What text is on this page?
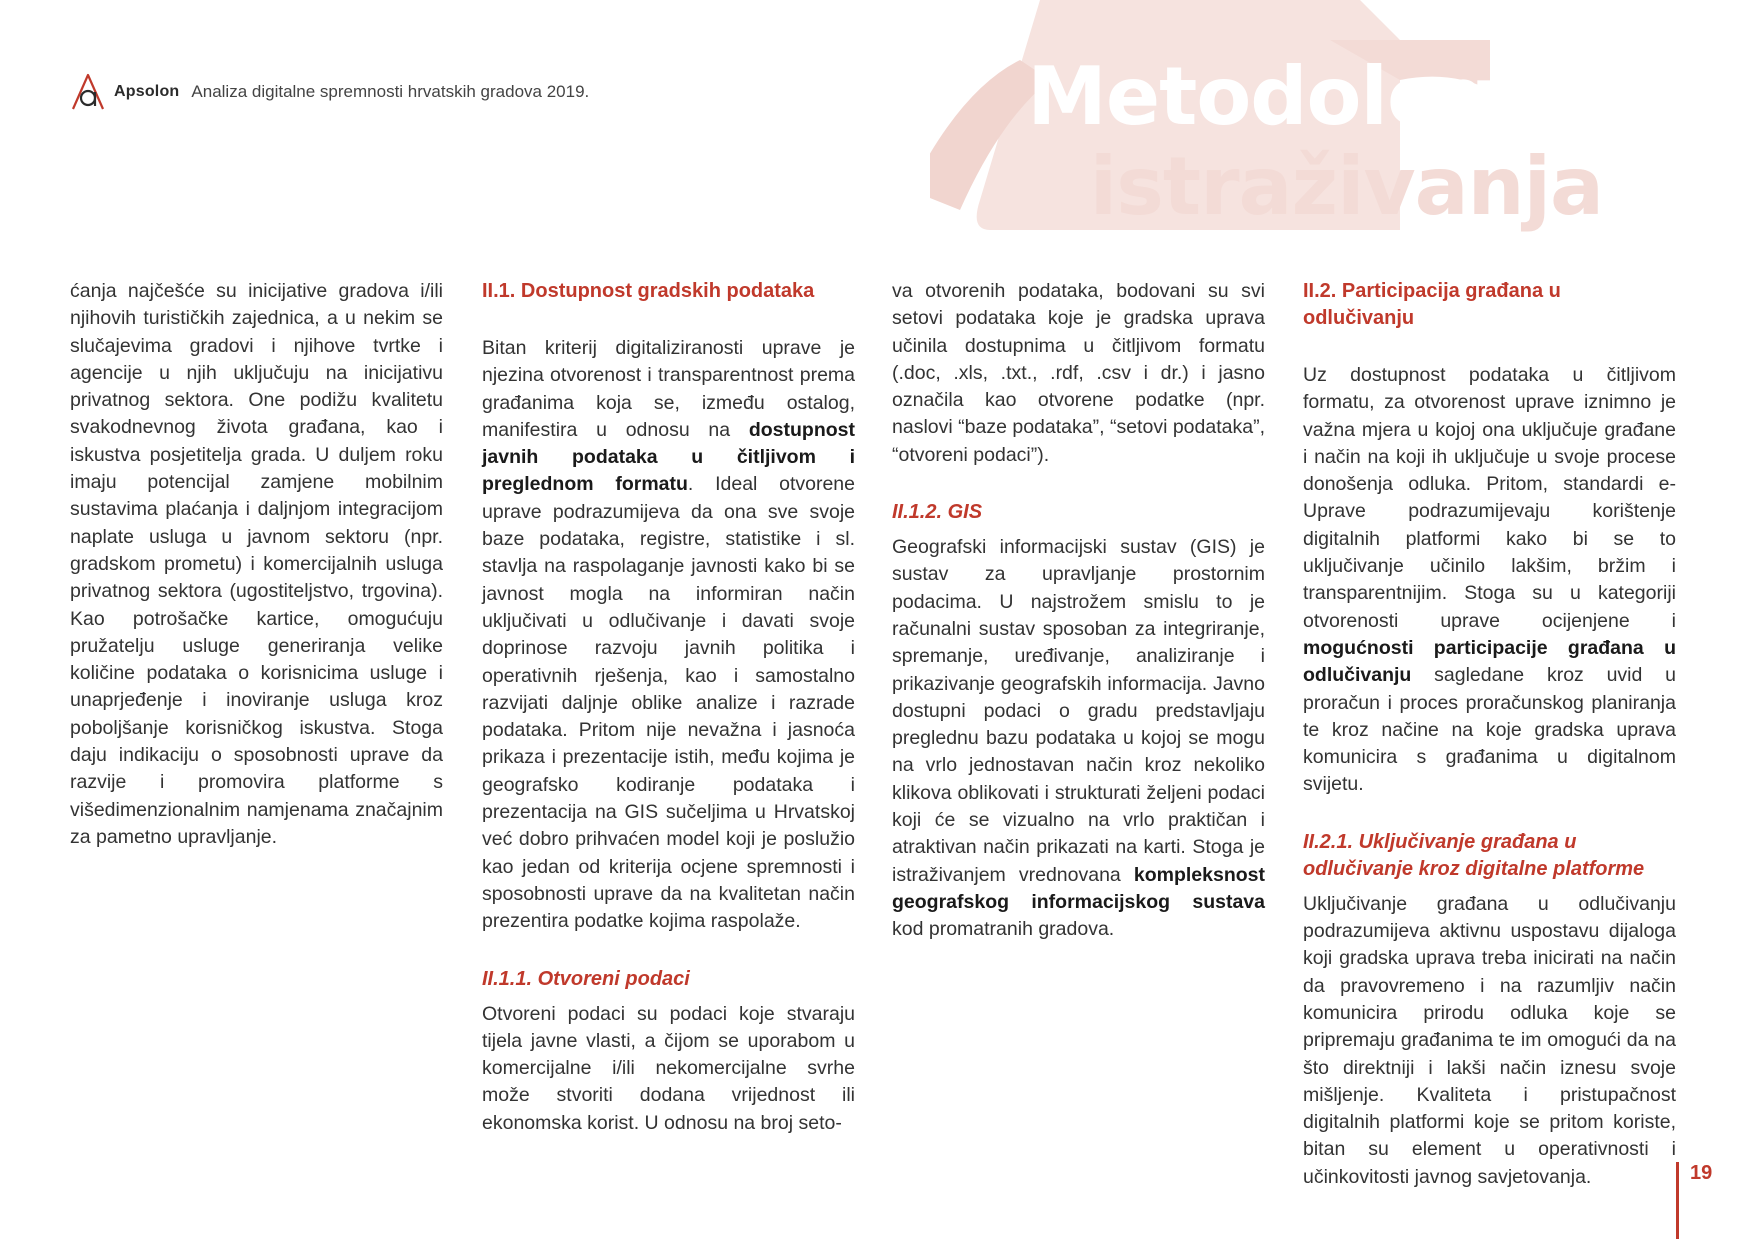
Apsolon Analiza digitalne spremnosti hrvatskih gradova 2019.	Metodologija
istraživanja

ćanja najčešće su inicijative gradova i/ili njihovih turističkih zajednica, a u nekim se slučajevima gradovi i njihove tvrtke i agencije u njih uključuju na inicijativu privatnog sektora. One podižu kvalitetu svakodnevnog života građana, kao i iskustva posjetitelja grada. U duljem roku imaju potencijal zamjene mobilnim sustavima plaćanja i daljnjom integracijom naplate usluga u javnom sektoru (npr. gradskom prometu) i komercijalnih usluga privatnog sektora (ugostiteljstvo, trgovina). Kao potrošačke kartice, omogućuju pružatelju usluge generiranja velike količine podataka o korisnicima usluge i unaprjeđenje i inoviranje usluga kroz poboljšanje korisničkog iskustva. Stoga daju indikaciju o sposobnosti uprave da razvije i promovira platforme s višedimenzionalnim namjenama značajnim za pametno upravljanje.

II.1. Dostupnost gradskih podataka

Bitan kriterij digitaliziranosti uprave je njezina otvorenost i transparentnost prema građanima koja se, između ostalog, manifestira u odnosu na dostupnost javnih podataka u čitljivom i preglednom formatu. Ideal otvorene uprave podrazumijeva da ona sve svoje baze podataka, registre, statistike i sl. stavlja na raspolaganje javnosti kako bi se javnost mogla na informiran način uključivati u odlučivanje i davati svoje doprinose razvoju javnih politika i operativnih rješenja, kao i samostalno razvijati daljnje oblike analize i razrade podataka. Pritom nije nevažna i jasnoća prikaza i prezentacije istih, među kojima je geografsko kodiranje podataka i prezentacija na GIS sučeljima u Hrvatskoj već dobro prihvaćen model koji je poslužio kao jedan od kriterija ocjene spremnosti i sposobnosti uprave da na kvalitetan način prezentira podatke kojima raspolaže.

II.1.1. Otvoreni podaci

Otvoreni podaci su podaci koje stvaraju tijela javne vlasti, a čijom se uporabom u komercijalne i/ili nekomercijalne svrhe može stvoriti dodana vrijednost ili ekonomska korist. U odnosu na broj seto-

va otvorenih podataka, bodovani su svi setovi podataka koje je gradska uprava učinila dostupnima u čitljivom formatu (.doc, .xls, .txt., .rdf, .csv i dr.) i jasno označila kao otvorene podatke (npr. naslovi “baze podataka”, “setovi podataka”, “otvoreni podaci”).

II.1.2. GIS

Geografski informacijski sustav (GIS) je sustav za upravljanje prostornim podacima. U najstrožem smislu to je računalni sustav sposoban za integriranje, spremanje, uređivanje, analiziranje i prikazivanje geografskih informacija. Javno dostupni podaci o gradu predstavljaju preglednu bazu podataka u kojoj se mogu na vrlo jednostavan način kroz nekoliko klikova oblikovati i strukturati željeni podaci koji će se vizualno na vrlo praktičan i atraktivan način prikazati na karti. Stoga je istraživanjem vrednovana kompleksnost geografskog informacijskog sustava kod promatranih gradova.

II.2. Participacija građana u odlučivanju

Uz dostupnost podataka u čitljivom formatu, za otvorenost uprave iznimno je važna mjera u kojoj ona uključuje građane i način na koji ih uključuje u svoje procese donošenja odluka. Pritom, standardi e-Uprave podrazumijevaju korištenje digitalnih platformi kako bi se to uključivanje učinilo lakšim, bržim i transparentnijim. Stoga su u kategoriji otvorenosti uprave ocijenjene i mogućnosti participacije građana u odlučivanju sagledane kroz uvid u proračun i proces proračunskog planiranja te kroz načine na koje gradska uprava komunicira s građanima u digitalnom svijetu.

II.2.1. Uključivanje građana u odlučivanje kroz digitalne platforme

Uključivanje građana u odlučivanju podrazumijeva aktivnu uspostavu dijaloga koji gradska uprava treba inicirati na način da pravovremeno i na razumljiv način komunicira prirodu odluka koje se pripremaju građanima te im omogući da na što direktniji i lakši način iznesu svoje mišljenje. Kvaliteta i pristupačnost digitalnih platformi koje se pritom koriste, bitan su element u operativnosti i učinkovitosti javnog savjetovanja.	19
